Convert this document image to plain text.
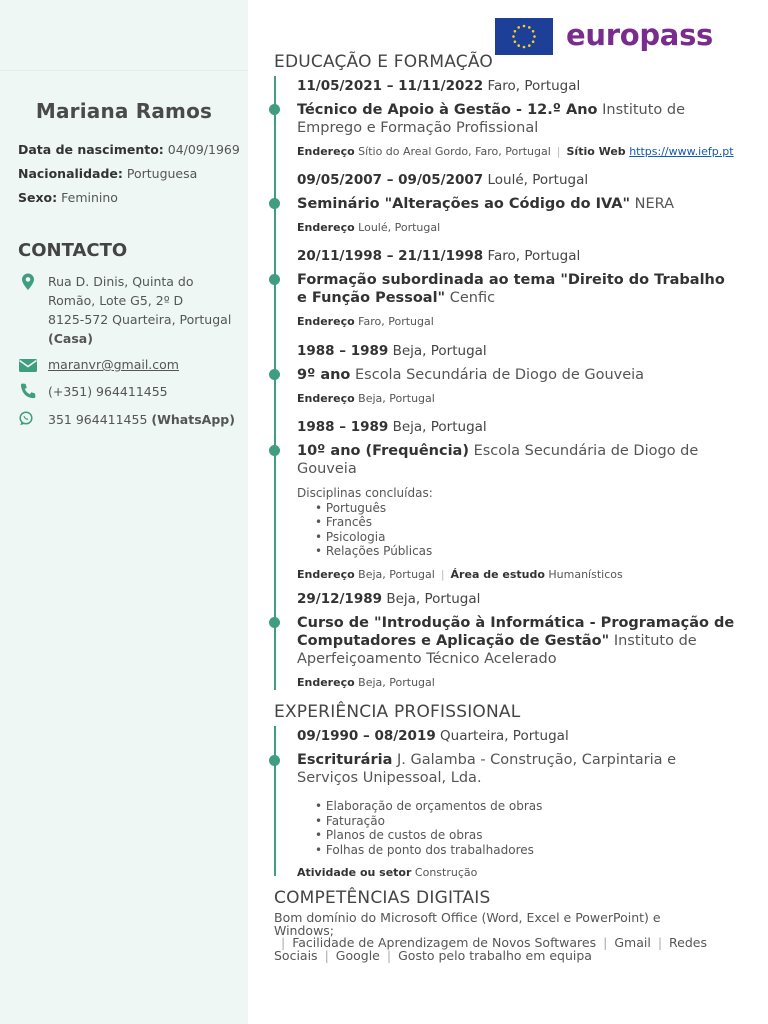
Mariana Ramos
Data de nascimento: 04/09/1969
Nacionalidade: Portuguesa
Sexo: Feminino
CONTACTO
Rua D. Dinis, Quinta do
Romão, Lote G5, 2º D
8125-572 Quarteira, Portugal
(Casa)
maranvr@gmail.com
(+351) 964411455
351 964411455 (WhatsApp)
europass
EDUCAÇÃO E FORMAÇÃO
11/05/2021 – 11/11/2022 Faro, Portugal
Técnico de Apoio à Gestão - 12.º Ano Instituto de Emprego e Formação Profissional
Endereço Sítio do Areal Gordo, Faro, Portugal | Sítio Web https://www.iefp.pt
09/05/2007 – 09/05/2007 Loulé, Portugal
Seminário "Alterações ao Código do IVA" NERA
Endereço Loulé, Portugal
20/11/1998 – 21/11/1998 Faro, Portugal
Formação subordinada ao tema "Direito do Trabalho e Função Pessoal" Cenfic
Endereço Faro, Portugal
1988 – 1989 Beja, Portugal
9º ano Escola Secundária de Diogo de Gouveia
Endereço Beja, Portugal
1988 – 1989 Beja, Portugal
10º ano (Frequência) Escola Secundária de Diogo de Gouveia
Disciplinas concluídas:
• Português
• Francês
• Psicologia
• Relações Públicas
Endereço Beja, Portugal | Área de estudo Humanísticos
29/12/1989 Beja, Portugal
Curso de "Introdução à Informática - Programação de Computadores e Aplicação de Gestão" Instituto de Aperfeiçoamento Técnico Acelerado
Endereço Beja, Portugal
EXPERIÊNCIA PROFISSIONAL
09/1990 – 08/2019 Quarteira, Portugal
Escriturária J. Galamba - Construção, Carpintaria e Serviços Unipessoal, Lda.
• Elaboração de orçamentos de obras
• Faturação
• Planos de custos de obras
• Folhas de ponto dos trabalhadores
Atividade ou setor Construção
COMPETÊNCIAS DIGITAIS
Bom domínio do Microsoft Office (Word, Excel e PowerPoint) e Windows;
| Facilidade de Aprendizagem de Novos Softwares | Gmail | Redes Sociais | Google | Gosto pelo trabalho em equipa
